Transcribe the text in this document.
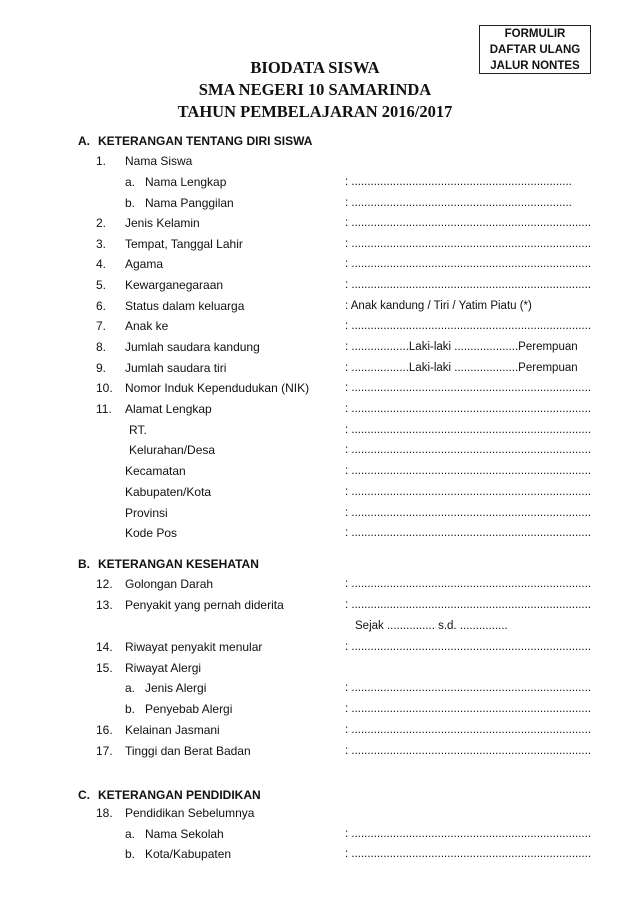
FORMULIR
DAFTAR ULANG
JALUR NONTES
BIODATA SISWA
SMA NEGERI 10 SAMARINDA
TAHUN PEMBELAJARAN 2016/2017
A. KETERANGAN TENTANG DIRI SISWA
B. KETERANGAN KESEHATAN
C. KETERANGAN PENDIDIKAN
1. Nama Siswa
a. Nama Lengkap	: .....................................................................
b. Nama Panggilan	: .....................................................................
2. Jenis Kelamin	: ...........................................................................
3. Tempat, Tanggal Lahir	: ...........................................................................
4. Agama	: ...........................................................................
5. Kewarganegaraan	: ...........................................................................
6. Status dalam keluarga	: Anak kandung / Tiri / Yatim Piatu (*)
7. Anak ke	: ...........................................................................
8. Jumlah saudara kandung	: ..................Laki-laki ....................Perempuan
9. Jumlah saudara tiri	: ..................Laki-laki ....................Perempuan
10. Nomor Induk Kependudukan (NIK)	: ...........................................................................
11. Alamat Lengkap	: ...........................................................................
RT.	: ...........................................................................
Kelurahan/Desa	: ...........................................................................
Kecamatan	: ...........................................................................
Kabupaten/Kota	: ...........................................................................
Provinsi	: ...........................................................................
Kode Pos	: ...........................................................................
12. Golongan Darah	: ...........................................................................
13. Penyakit yang pernah diderita	: ...........................................................................
Sejak ............... s.d. ...............
14. Riwayat penyakit menular	: ...........................................................................
15. Riwayat Alergi
a. Jenis Alergi	: ...........................................................................
b. Penyebab Alergi	: ...........................................................................
16. Kelainan Jasmani	: ...........................................................................
17. Tinggi dan Berat Badan	: ...........................................................................
18. Pendidikan Sebelumnya
a. Nama Sekolah	: ...........................................................................
b. Kota/Kabupaten	: ...........................................................................
